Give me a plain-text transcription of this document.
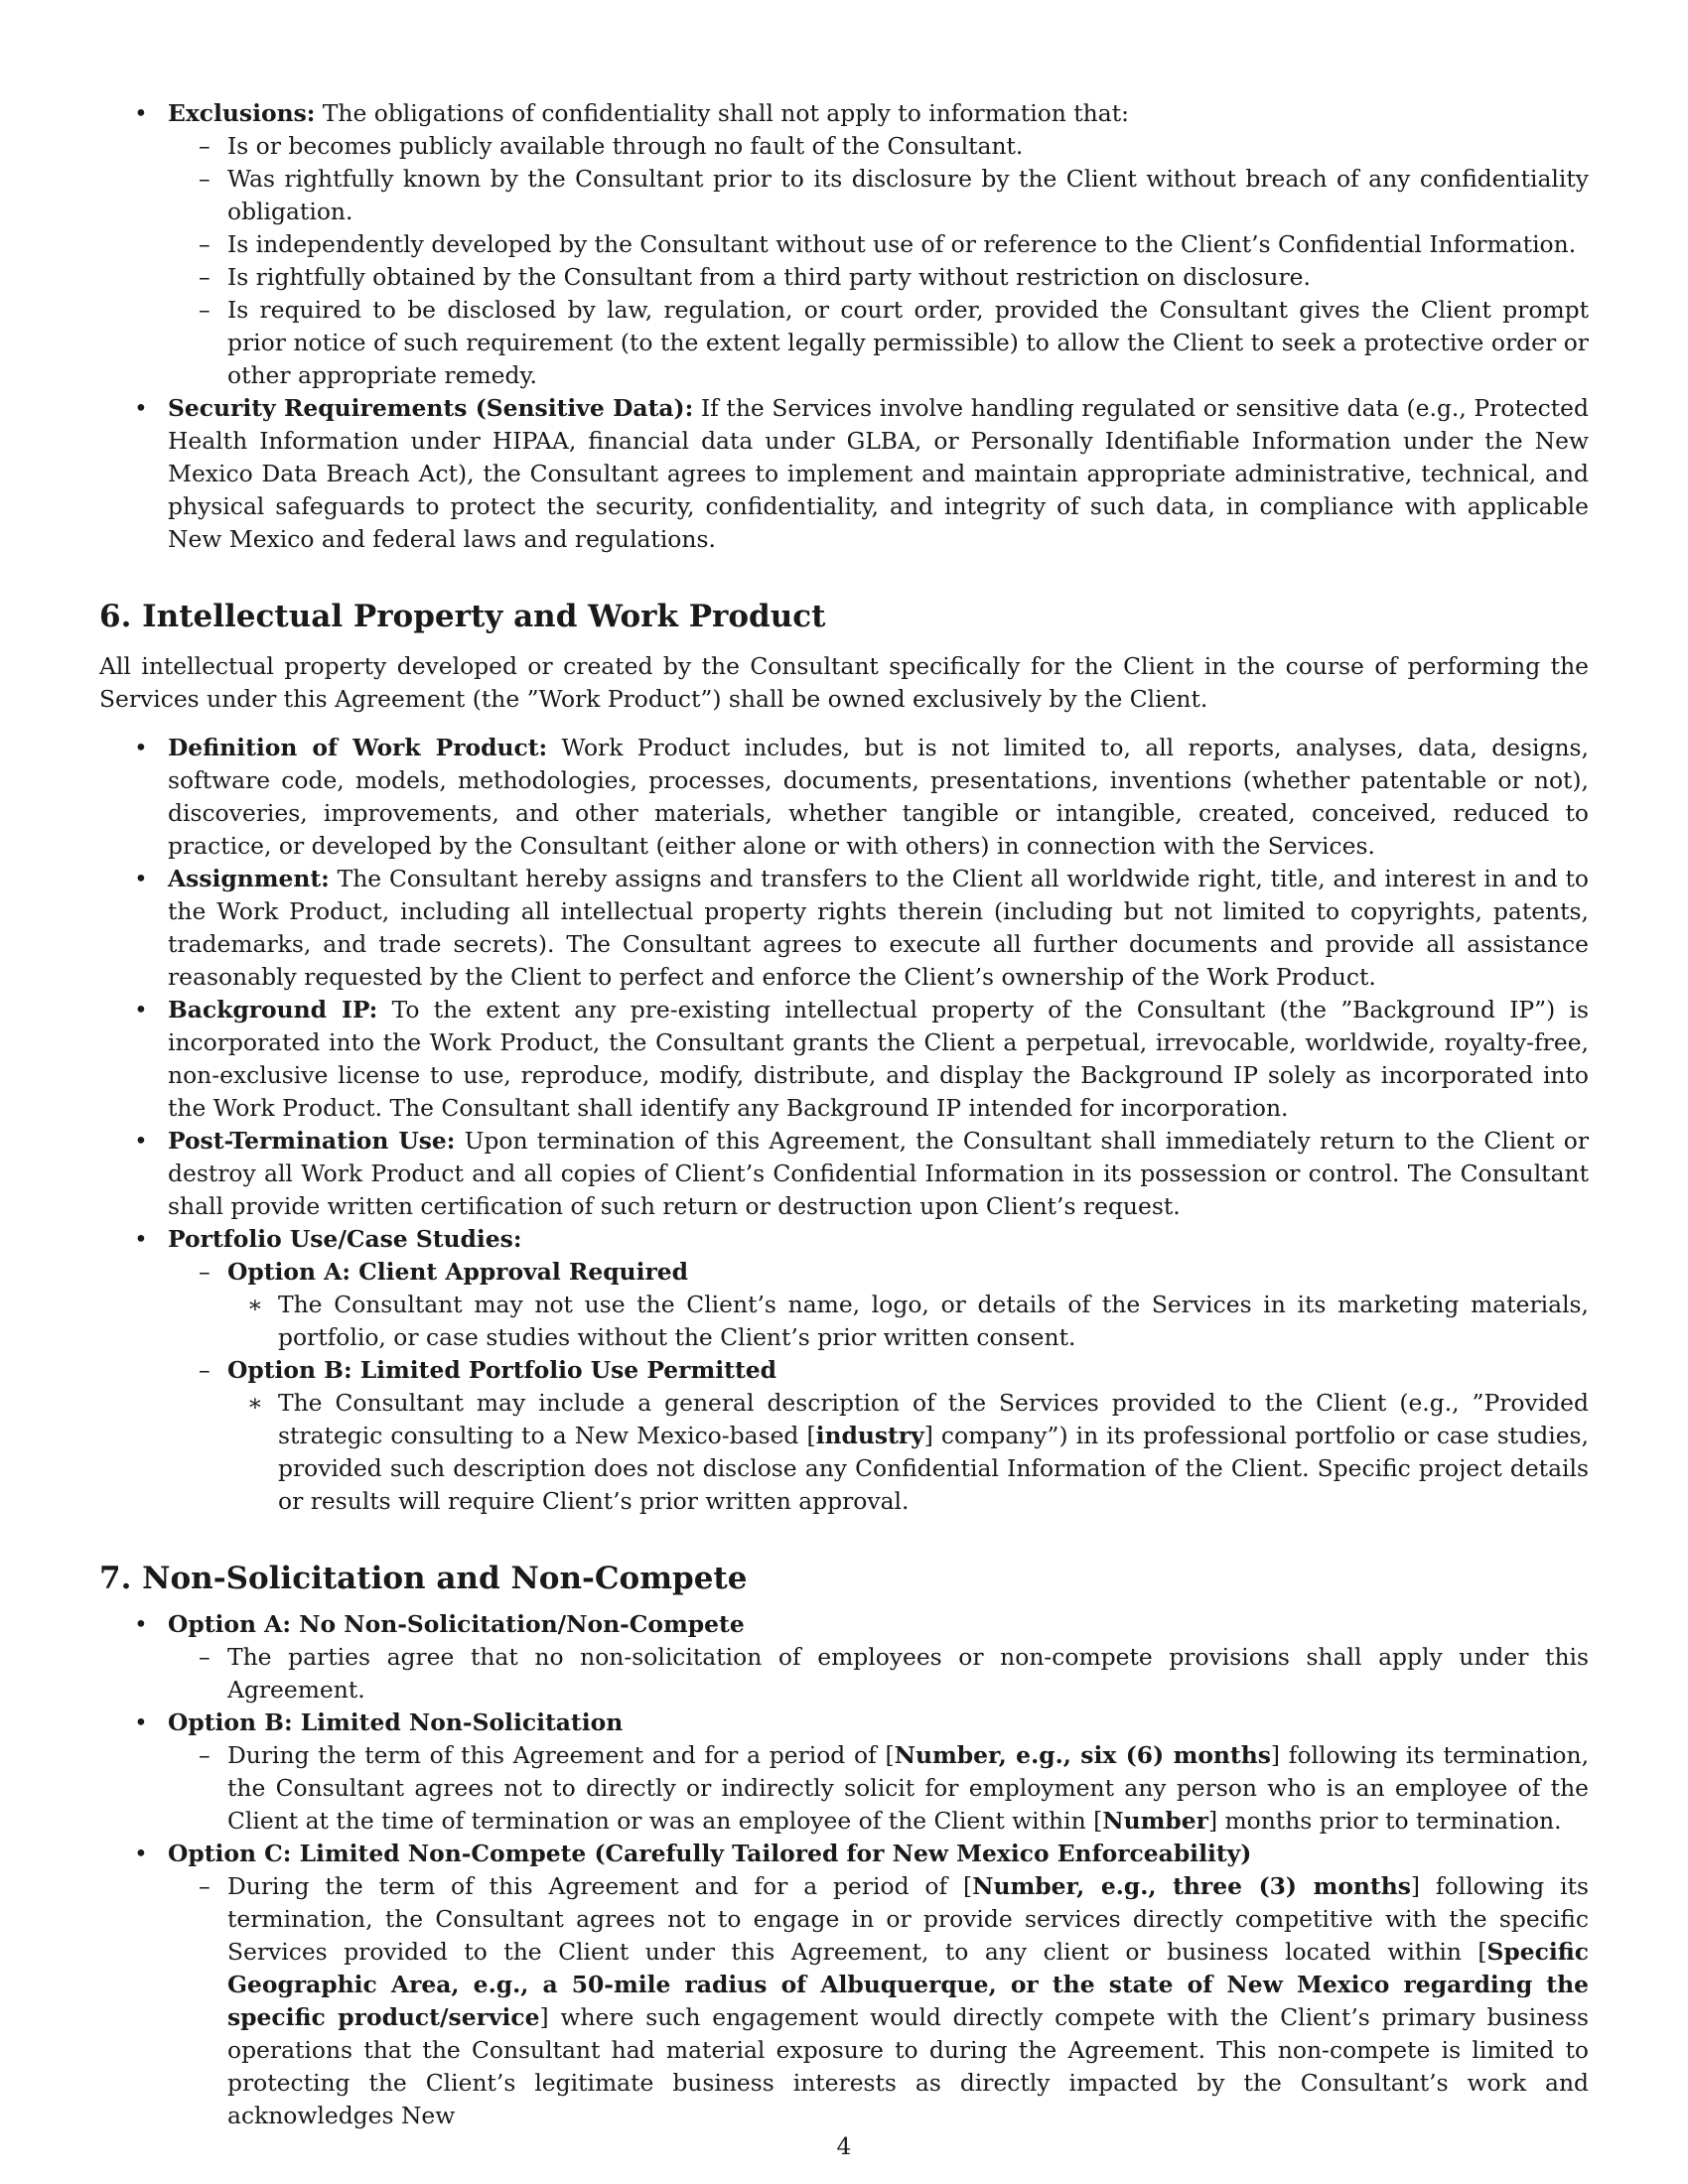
• Exclusions: The obligations of confidentiality shall not apply to information that:
– Is or becomes publicly available through no fault of the Consultant.
– Was rightfully known by the Consultant prior to its disclosure by the Client without breach of any confidentiality obligation.
– Is independently developed by the Consultant without use of or reference to the Client’s Confidential Information.
– Is rightfully obtained by the Consultant from a third party without restriction on disclosure.
– Is required to be disclosed by law, regulation, or court order, provided the Consultant gives the Client prompt prior notice of such requirement (to the extent legally permissible) to allow the Client to seek a protective order or other appropriate remedy.
• Security Requirements (Sensitive Data): If the Services involve handling regulated or sensitive data (e.g., Protected Health Information under HIPAA, financial data under GLBA, or Personally Identifiable Information under the New Mexico Data Breach Act), the Consultant agrees to implement and maintain appropriate administrative, technical, and physical safeguards to protect the security, confidentiality, and integrity of such data, in compliance with applicable New Mexico and federal laws and regulations.
6. Intellectual Property and Work Product

All intellectual property developed or created by the Consultant specifically for the Client in the course of performing the Services under this Agreement (the ”Work Product”) shall be owned exclusively by the Client.

• Definition of Work Product: Work Product includes, but is not limited to, all reports, analyses, data, designs, software code, models, methodologies, processes, documents, presentations, inventions (whether patentable or not), discoveries, improvements, and other materials, whether tangible or intangible, created, conceived, reduced to practice, or developed by the Consultant (either alone or with others) in connection with the Services.
• Assignment: The Consultant hereby assigns and transfers to the Client all worldwide right, title, and interest in and to the Work Product, including all intellectual property rights therein (including but not limited to copyrights, patents, trademarks, and trade secrets). The Consultant agrees to execute all further documents and provide all assistance reasonably requested by the Client to perfect and enforce the Client’s ownership of the Work Product.
• Background IP: To the extent any pre-existing intellectual property of the Consultant (the ”Background IP”) is incorporated into the Work Product, the Consultant grants the Client a perpetual, irrevocable, worldwide, royalty-free, non-exclusive license to use, reproduce, modify, distribute, and display the Background IP solely as incorporated into the Work Product. The Consultant shall identify any Background IP intended for incorporation.
• Post-Termination Use: Upon termination of this Agreement, the Consultant shall immediately return to the Client or destroy all Work Product and all copies of Client’s Confidential Information in its possession or control. The Consultant shall provide written certification of such return or destruction upon Client’s request.
• Portfolio Use/Case Studies:
– Option A: Client Approval Required
∗ The Consultant may not use the Client’s name, logo, or details of the Services in its marketing materials, portfolio, or case studies without the Client’s prior written consent.
– Option B: Limited Portfolio Use Permitted
∗ The Consultant may include a general description of the Services provided to the Client (e.g., ”Provided strategic consulting to a New Mexico-based [industry] company”) in its professional portfolio or case studies, provided such description does not disclose any Confidential Information of the Client. Specific project details or results will require Client’s prior written approval.
7. Non-Solicitation and Non-Compete
• Option A: No Non-Solicitation/Non-Compete
– The parties agree that no non-solicitation of employees or non-compete provisions shall apply under this Agreement.
• Option B: Limited Non-Solicitation
– During the term of this Agreement and for a period of [Number, e.g., six (6) months] following its termination, the Consultant agrees not to directly or indirectly solicit for employment any person who is an employee of the Client at the time of termination or was an employee of the Client within [Number] months prior to termination.
• Option C: Limited Non-Compete (Carefully Tailored for New Mexico Enforceability)
– During the term of this Agreement and for a period of [Number, e.g., three (3) months] following its termination, the Consultant agrees not to engage in or provide services directly competitive with the specific Services provided to the Client under this Agreement, to any client or business located within [Specific Geographic Area, e.g., a 50-mile radius of Albuquerque, or the state of New Mexico regarding the specific product/service] where such engagement would directly compete with the Client’s primary business operations that the Consultant had material exposure to during the Agreement. This non-compete is limited to protecting the Client’s legitimate business interests as directly impacted by the Consultant’s work and acknowledges New
4
